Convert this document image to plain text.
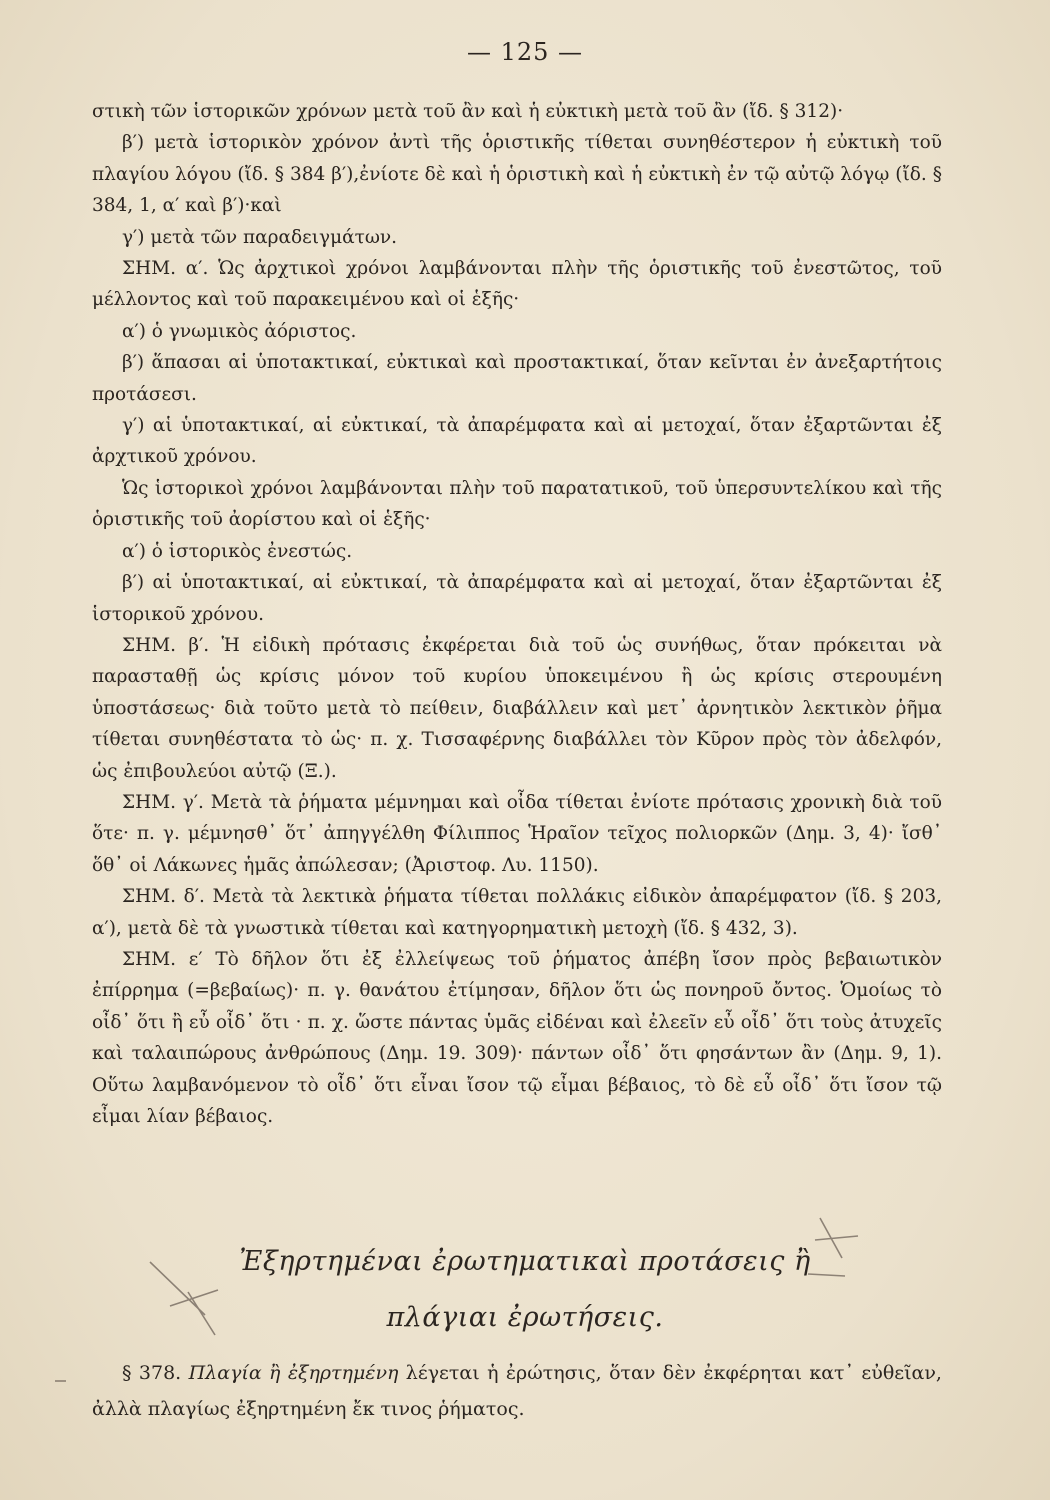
— 125 —

στικὴ τῶν ἱστορικῶν χρόνων μετὰ τοῦ ἂν καὶ ἡ εὐκτικὴ μετὰ τοῦ ἂν (ἴδ. § 312)·

β′) μετὰ ἱστορικὸν χρόνον ἀντὶ τῆς ὁριστικῆς τίθεται συνηθέστερον ἡ εὐκτικὴ τοῦ πλαγίου λόγου (ἴδ. § 384 β′),ἐνίοτε δὲ καὶ ἡ ὁριστικὴ καὶ ἡ εὐκτικὴ ἐν τῷ αὐτῷ λόγῳ (ἴδ. § 384, 1, α′ καὶ β′)·καὶ

γ′) μετὰ τῶν παραδειγμάτων.

ΣΗΜ. α′. Ὡς ἀρχτικοὶ χρόνοι λαμβάνονται πλὴν τῆς ὁριστικῆς τοῦ ἐνεστῶτος, τοῦ μέλλοντος καὶ τοῦ παρακειμένου καὶ οἱ ἑξῆς·

α′) ὁ γνωμικὸς ἀόριστος.

β′) ἅπασαι αἱ ὑποτακτικαί, εὐκτικαὶ καὶ προστακτικαί, ὅταν κεῖνται ἐν ἀνεξαρτήτοις προτάσεσι.

γ′) αἱ ὑποτακτικαί, αἱ εὐκτικαί, τὰ ἀπαρέμφατα καὶ αἱ μετοχαί, ὅταν ἐξαρτῶνται ἐξ ἀρχτικοῦ χρόνου.

Ὡς ἱστορικοὶ χρόνοι λαμβάνονται πλὴν τοῦ παρατατικοῦ, τοῦ ὑπερσυντελίκου καὶ τῆς ὁριστικῆς τοῦ ἀορίστου καὶ οἱ ἑξῆς·

α′) ὁ ἱστορικὸς ἐνεστώς.

β′) αἱ ὑποτακτικαί, αἱ εὐκτικαί, τὰ ἀπαρέμφατα καὶ αἱ μετοχαί, ὅταν ἐξαρτῶνται ἐξ ἱστορικοῦ χρόνου.

ΣΗΜ. β′. Ἡ εἰδικὴ πρότασις ἐκφέρεται διὰ τοῦ ὡς συνήθως, ὅταν πρόκειται νὰ παρασταθῇ ὡς κρίσις μόνον τοῦ κυρίου ὑποκειμένου ἢ ὡς κρίσις στερουμένη ὑποστάσεως· διὰ τοῦτο μετὰ τὸ πείθειν, διαβάλλειν καὶ μετ᾽ ἀρνητικὸν λεκτικὸν ῥῆμα τίθεται συνηθέστατα τὸ ὡς· π. χ. Τισσαφέρνης διαβάλλει τὸν Κῦρον πρὸς τὸν ἀδελφόν, ὡς ἐπιβουλεύοι αὐτῷ (Ξ.).

ΣΗΜ. γ′. Μετὰ τὰ ῥήματα μέμνημαι καὶ οἶδα τίθεται ἐνίοτε πρότασις χρονικὴ διὰ τοῦ ὅτε· π. γ. μέμνησθ᾽ ὅτ᾽ ἀπηγγέλθη Φίλιππος Ἡραῖον τεῖχος πολιορκῶν (Δημ. 3, 4)· ἴσθ᾽ ὅθ᾽ οἱ Λάκωνες ἡμᾶς ἀπώλεσαν; (Ἀριστοφ. Λυ. 1150).

ΣΗΜ. δ′. Μετὰ τὰ λεκτικὰ ῥήματα τίθεται πολλάκις εἰδικὸν ἀπαρέμφατον (ἴδ. § 203, α′), μετὰ δὲ τὰ γνωστικὰ τίθεται καὶ κατηγορηματικὴ μετοχὴ (ἴδ. § 432, 3).

ΣΗΜ. ε′ Τὸ δῆλον ὅτι ἐξ ἐλλείψεως τοῦ ῥήματος ἀπέβη ἴσον πρὸς βεβαιωτικὸν ἐπίρρημα (=βεβαίως)· π. γ. θανάτου ἐτίμησαν, δῆλον ὅτι ὡς πονηροῦ ὄντος. Ὁμοίως τὸ οἶδ᾽ ὅτι ἢ εὖ οἶδ᾽ ὅτι · π. χ. ὥστε πάντας ὑμᾶς εἰδέναι καὶ ἐλεεῖν εὖ οἶδ᾽ ὅτι τοὺς ἀτυχεῖς καὶ ταλαιπώρους ἀνθρώπους (Δημ. 19. 309)· πάντων οἶδ᾽ ὅτι φησάντων ἂν (Δημ. 9, 1). Οὕτω λαμβανόμενον τὸ οἶδ᾽ ὅτι εἶναι ἴσον τῷ εἶμαι βέβαιος, τὸ δὲ εὖ οἶδ᾽ ὅτι ἴσον τῷ εἶμαι λίαν βέβαιος.

Ἐξηρτημέναι ἐρωτηματικαὶ προτάσεις ἢ
πλάγιαι ἐρωτήσεις.

§ 378. Πλαγία ἢ ἐξηρτημένη λέγεται ἡ ἐρώτησις, ὅταν δὲν ἐκφέρηται κατ᾽ εὐθεῖαν, ἀλλὰ πλαγίως ἐξηρτημένη ἔκ τινος ῥήματος.
